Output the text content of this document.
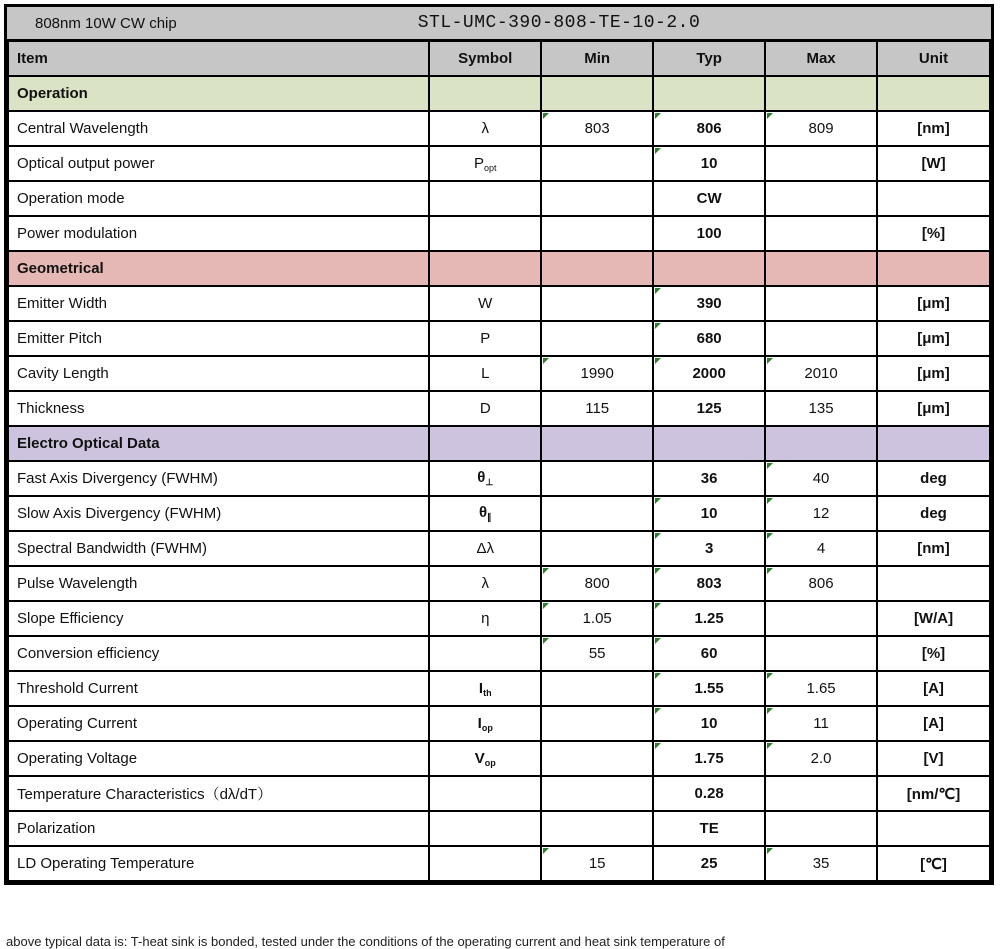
808nm 10W CW chip	STL-UMC-390-808-TE-10-2.0
Item	Symbol	Min	Typ	Max	Unit
Operation					
Central Wavelength	λ	803	806	809	[nm]
Optical output power	$P_{opt}$		10		[W]
Operation mode			CW		
Power modulation			100		[%]
Geometrical					
Emitter Width	W		390		[μm]
Emitter Pitch	P		680		[μm]
Cavity Length	L	1990	2000	2010	[μm]
Thickness	D	115	125	135	[μm]
Electro Optical Data					
Fast Axis Divergency (FWHM)	$\theta_\perp$		36	40	deg
Slow Axis Divergency (FWHM)	$\theta_\parallel$		10	12	deg
Spectral Bandwidth (FWHM)	Δλ		3	4	[nm]
Pulse Wavelength	λ	800	803	806	
Slope Efficiency	η	1.05	1.25		[W/A]
Conversion efficiency		55	60		[%]
Threshold Current	$I_{th}$		1.55	1.65	[A]
Operating Current	$I_{op}$		10	11	[A]
Operating Voltage	$V_{op}$		1.75	2.0	[V]
Temperature Characteristics（dλ/dT）			0.28		[nm/℃]
Polarization			TE		
LD Operating Temperature		15	25	35	[℃]
above typical data is: T-heat sink is bonded, tested under the conditions of the operating current and heat sink temperature of
